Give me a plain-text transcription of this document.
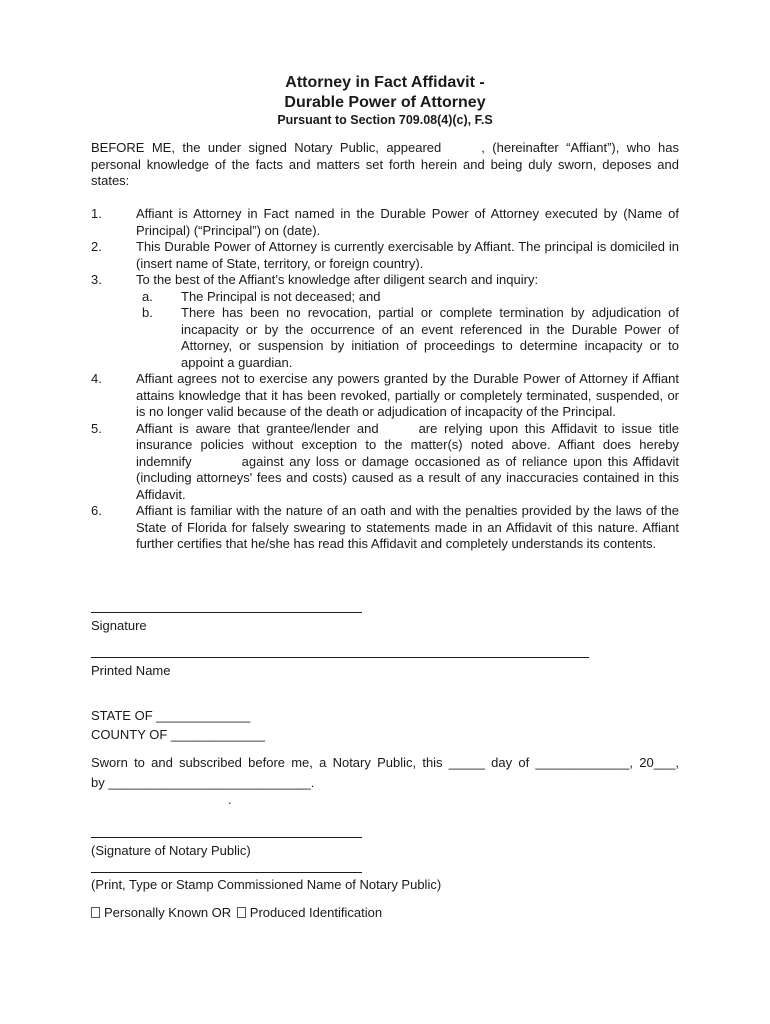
Attorney in Fact Affidavit -
Durable Power of Attorney
Pursuant to Section 709.08(4)(c), F.S
BEFORE ME, the under signed Notary Public, appeared	, (hereinafter “Affiant”), who has personal knowledge of the facts and matters set forth herein and being duly sworn, deposes and states:
1.	Affiant is Attorney in Fact named in the Durable Power of Attorney executed by (Name of Principal) (“Principal”) on (date).
2.	This Durable Power of Attorney is currently exercisable by Affiant. The principal is domiciled in (insert name of State, territory, or foreign country).
3.	To the best of the Affiant’s knowledge after diligent search and inquiry:
a.	The Principal is not deceased; and
b.	There has been no revocation, partial or complete termination by adjudication of incapacity or by the occurrence of an event referenced in the Durable Power of Attorney, or suspension by initiation of proceedings to determine incapacity or to appoint a guardian.
4.	Affiant agrees not to exercise any powers granted by the Durable Power of Attorney if Affiant attains knowledge that it has been revoked, partially or completely terminated, suspended, or is no longer valid because of the death or adjudication of incapacity of the Principal.
5.	Affiant is aware that grantee/lender and	are relying upon this Affidavit to issue title insurance policies without exception to the matter(s) noted above. Affiant does hereby indemnify	against any loss or damage occasioned as of reliance upon this Affidavit (including attorneys' fees and costs) caused as a result of any inaccuracies contained in this Affidavit.
6.	Affiant is familiar with the nature of an oath and with the penalties provided by the laws of the State of Florida for falsely swearing to statements made in an Affidavit of this nature. Affiant further certifies that he/she has read this Affidavit and completely understands its contents.
Signature
Printed Name
STATE OF _____________
COUNTY OF _____________
Sworn to and subscribed before me, a Notary Public, this _____ day of _____________, 20___,
by ____________________________.
.
(Signature of Notary Public)
(Print, Type or Stamp Commissioned Name of Notary Public)
Personally Known OR Produced Identification
